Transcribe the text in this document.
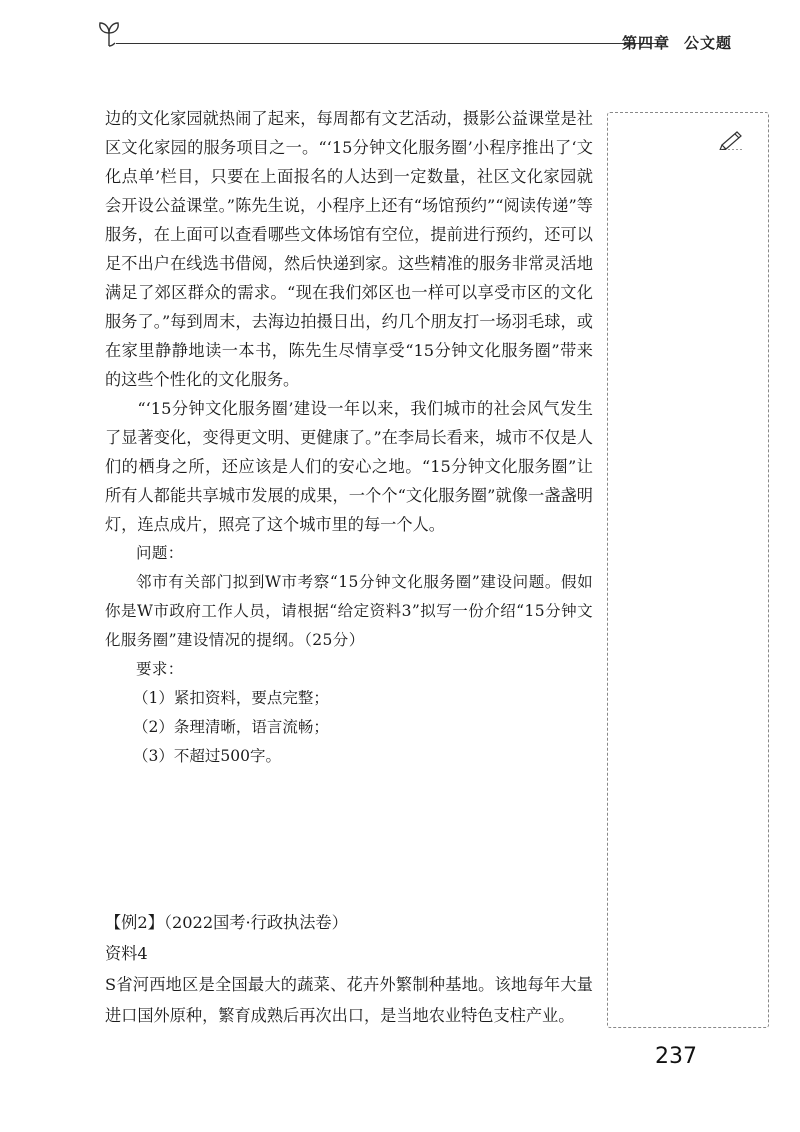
第四章 公文题

边的文化家园就热闹了起来，每周都有文艺活动，摄影公益课堂是社区文化家园的服务项目之一。“‘15分钟文化服务圈’小程序推出了‘文化点单’栏目，只要在上面报名的人达到一定数量，社区文化家园就会开设公益课堂。”陈先生说，小程序上还有“场馆预约”“阅读传递”等服务，在上面可以查看哪些文体场馆有空位，提前进行预约，还可以足不出户在线选书借阅，然后快递到家。这些精准的服务非常灵活地满足了郊区群众的需求。“现在我们郊区也一样可以享受市区的文化服务了。”每到周末，去海边拍摄日出，约几个朋友打一场羽毛球，或在家里静静地读一本书，陈先生尽情享受“15分钟文化服务圈”带来的这些个性化的文化服务。

“‘15分钟文化服务圈’建设一年以来，我们城市的社会风气发生了显著变化，变得更文明、更健康了。”在李局长看来，城市不仅是人们的栖身之所，还应该是人们的安心之地。“15分钟文化服务圈”让所有人都能共享城市发展的成果，一个个“文化服务圈”就像一盏盏明灯，连点成片，照亮了这个城市里的每一个人。

问题：

邻市有关部门拟到W市考察“15分钟文化服务圈”建设问题。假如你是W市政府工作人员，请根据“给定资料3”拟写一份介绍“15分钟文化服务圈”建设情况的提纲。（25分）

要求：

（1）紧扣资料，要点完整；

（2）条理清晰，语言流畅；

（3）不超过500字。

【例2】（2022国考·行政执法卷）

资料4

S省河西地区是全国最大的蔬菜、花卉外繁制种基地。该地每年大量进口国外原种，繁育成熟后再次出口，是当地农业特色支柱产业。

237
